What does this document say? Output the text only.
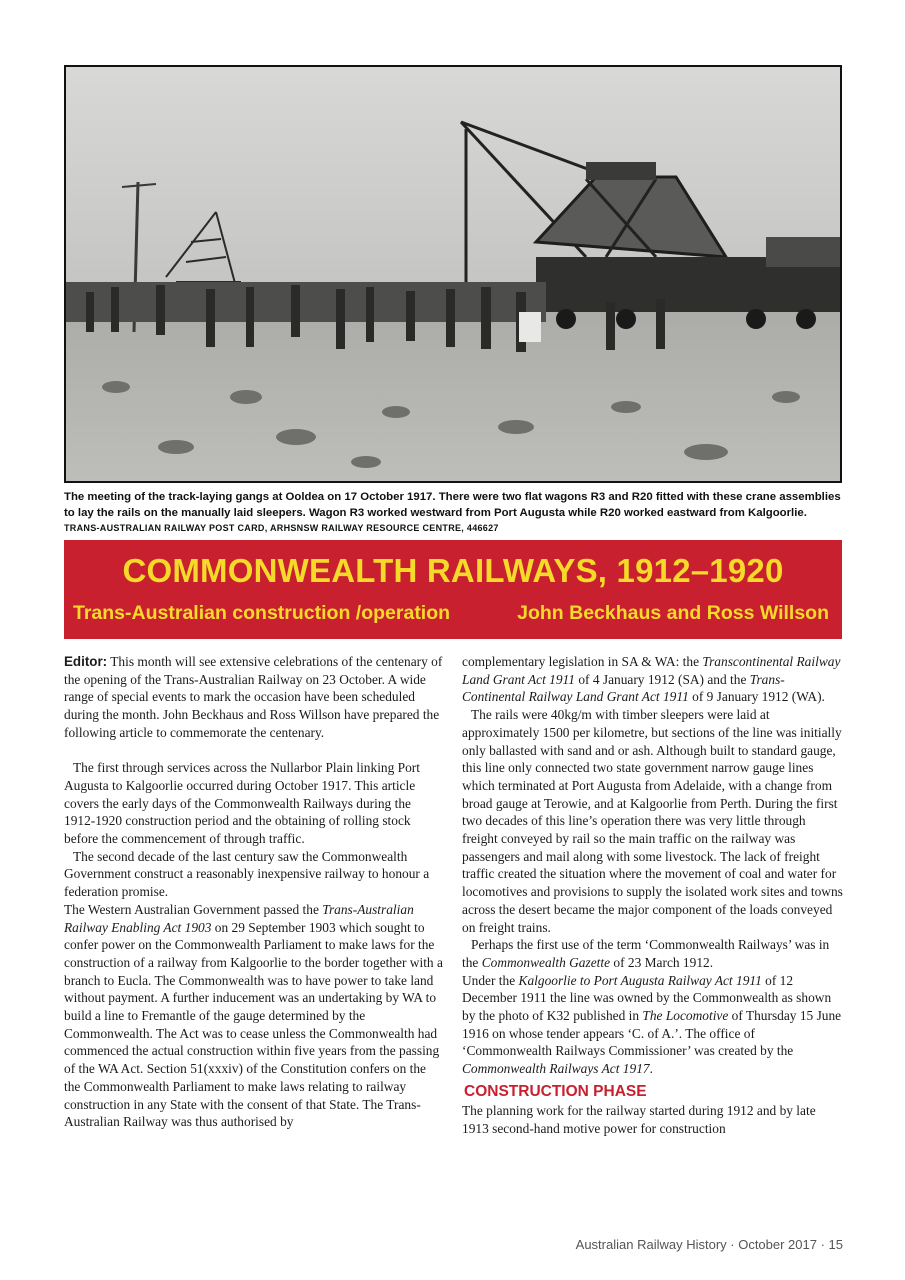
The meeting of the track-laying gangs at Ooldea on 17 October 1917. There were two flat wagons R3 and R20 fitted with these crane assemblies to lay the rails on the manually laid sleepers. Wagon R3 worked westward from Port Augusta while R20 worked eastward from Kalgoorlie. TRANS-AUSTRALIAN RAILWAY POST CARD, ARHSNSW RAILWAY RESOURCE CENTRE, 446627
COMMONWEALTH RAILWAYS, 1912–1920
Trans-Australian construction /operation	John Beckhaus and Ross Willson

Editor: This month will see extensive celebrations of the centenary of the opening of the Trans-Australian Railway on 23 October. A wide range of special events to mark the occasion have been scheduled during the month. John Beckhaus and Ross Willson have prepared the following article to commemorate the centenary.

The first through services across the Nullarbor Plain linking Port Augusta to Kalgoorlie occurred during October 1917. This article covers the early days of the Commonwealth Railways during the 1912-1920 construction period and the obtaining of rolling stock before the commencement of through traffic.

The second decade of the last century saw the Commonwealth Government construct a reasonably inexpensive railway to honour a federation promise.

The Western Australian Government passed the Trans-Australian Railway Enabling Act 1903 on 29 September 1903 which sought to confer power on the Commonwealth Parliament to make laws for the construction of a railway from Kalgoorlie to the border together with a branch to Eucla. The Commonwealth was to have power to take land without payment. A further inducement was an undertaking by WA to build a line to Fremantle of the gauge determined by the Commonwealth. The Act was to cease unless the Commonwealth had commenced the actual construction within five years from the passing of the WA Act. Section 51(xxxiv) of the Constitution confers on the the Commonwealth Parliament to make laws relating to railway construction in any State with the consent of that State. The Trans-Australian Railway was thus authorised by

complementary legislation in SA & WA: the Transcontinental Railway Land Grant Act 1911 of 4 January 1912 (SA) and the Trans-Continental Railway Land Grant Act 1911 of 9 January 1912 (WA).

The rails were 40kg/m with timber sleepers were laid at approximately 1500 per kilometre, but sections of the line was initially only ballasted with sand and or ash. Although built to standard gauge, this line only connected two state government narrow gauge lines which terminated at Port Augusta from Adelaide, with a change from broad gauge at Terowie, and at Kalgoorlie from Perth. During the first two decades of this line’s operation there was very little through freight conveyed by rail so the main traffic on the railway was passengers and mail along with some livestock. The lack of freight traffic created the situation where the movement of coal and water for locomotives and provisions to supply the isolated work sites and towns across the desert became the major component of the loads conveyed on freight trains.

Perhaps the first use of the term ‘Commonwealth Railways’ was in the Commonwealth Gazette of 23 March 1912.

Under the Kalgoorlie to Port Augusta Railway Act 1911 of 12 December 1911 the line was owned by the Commonwealth as shown by the photo of K32 published in The Locomotive of Thursday 15 June 1916 on whose tender appears ‘C. of A.’. The office of ‘Commonwealth Railways Commissioner’ was created by the Commonwealth Railways Act 1917.

CONSTRUCTION PHASE

The planning work for the railway started during 1912 and by late 1913 second-hand motive power for construction

Australian Railway History · October 2017 · 15
